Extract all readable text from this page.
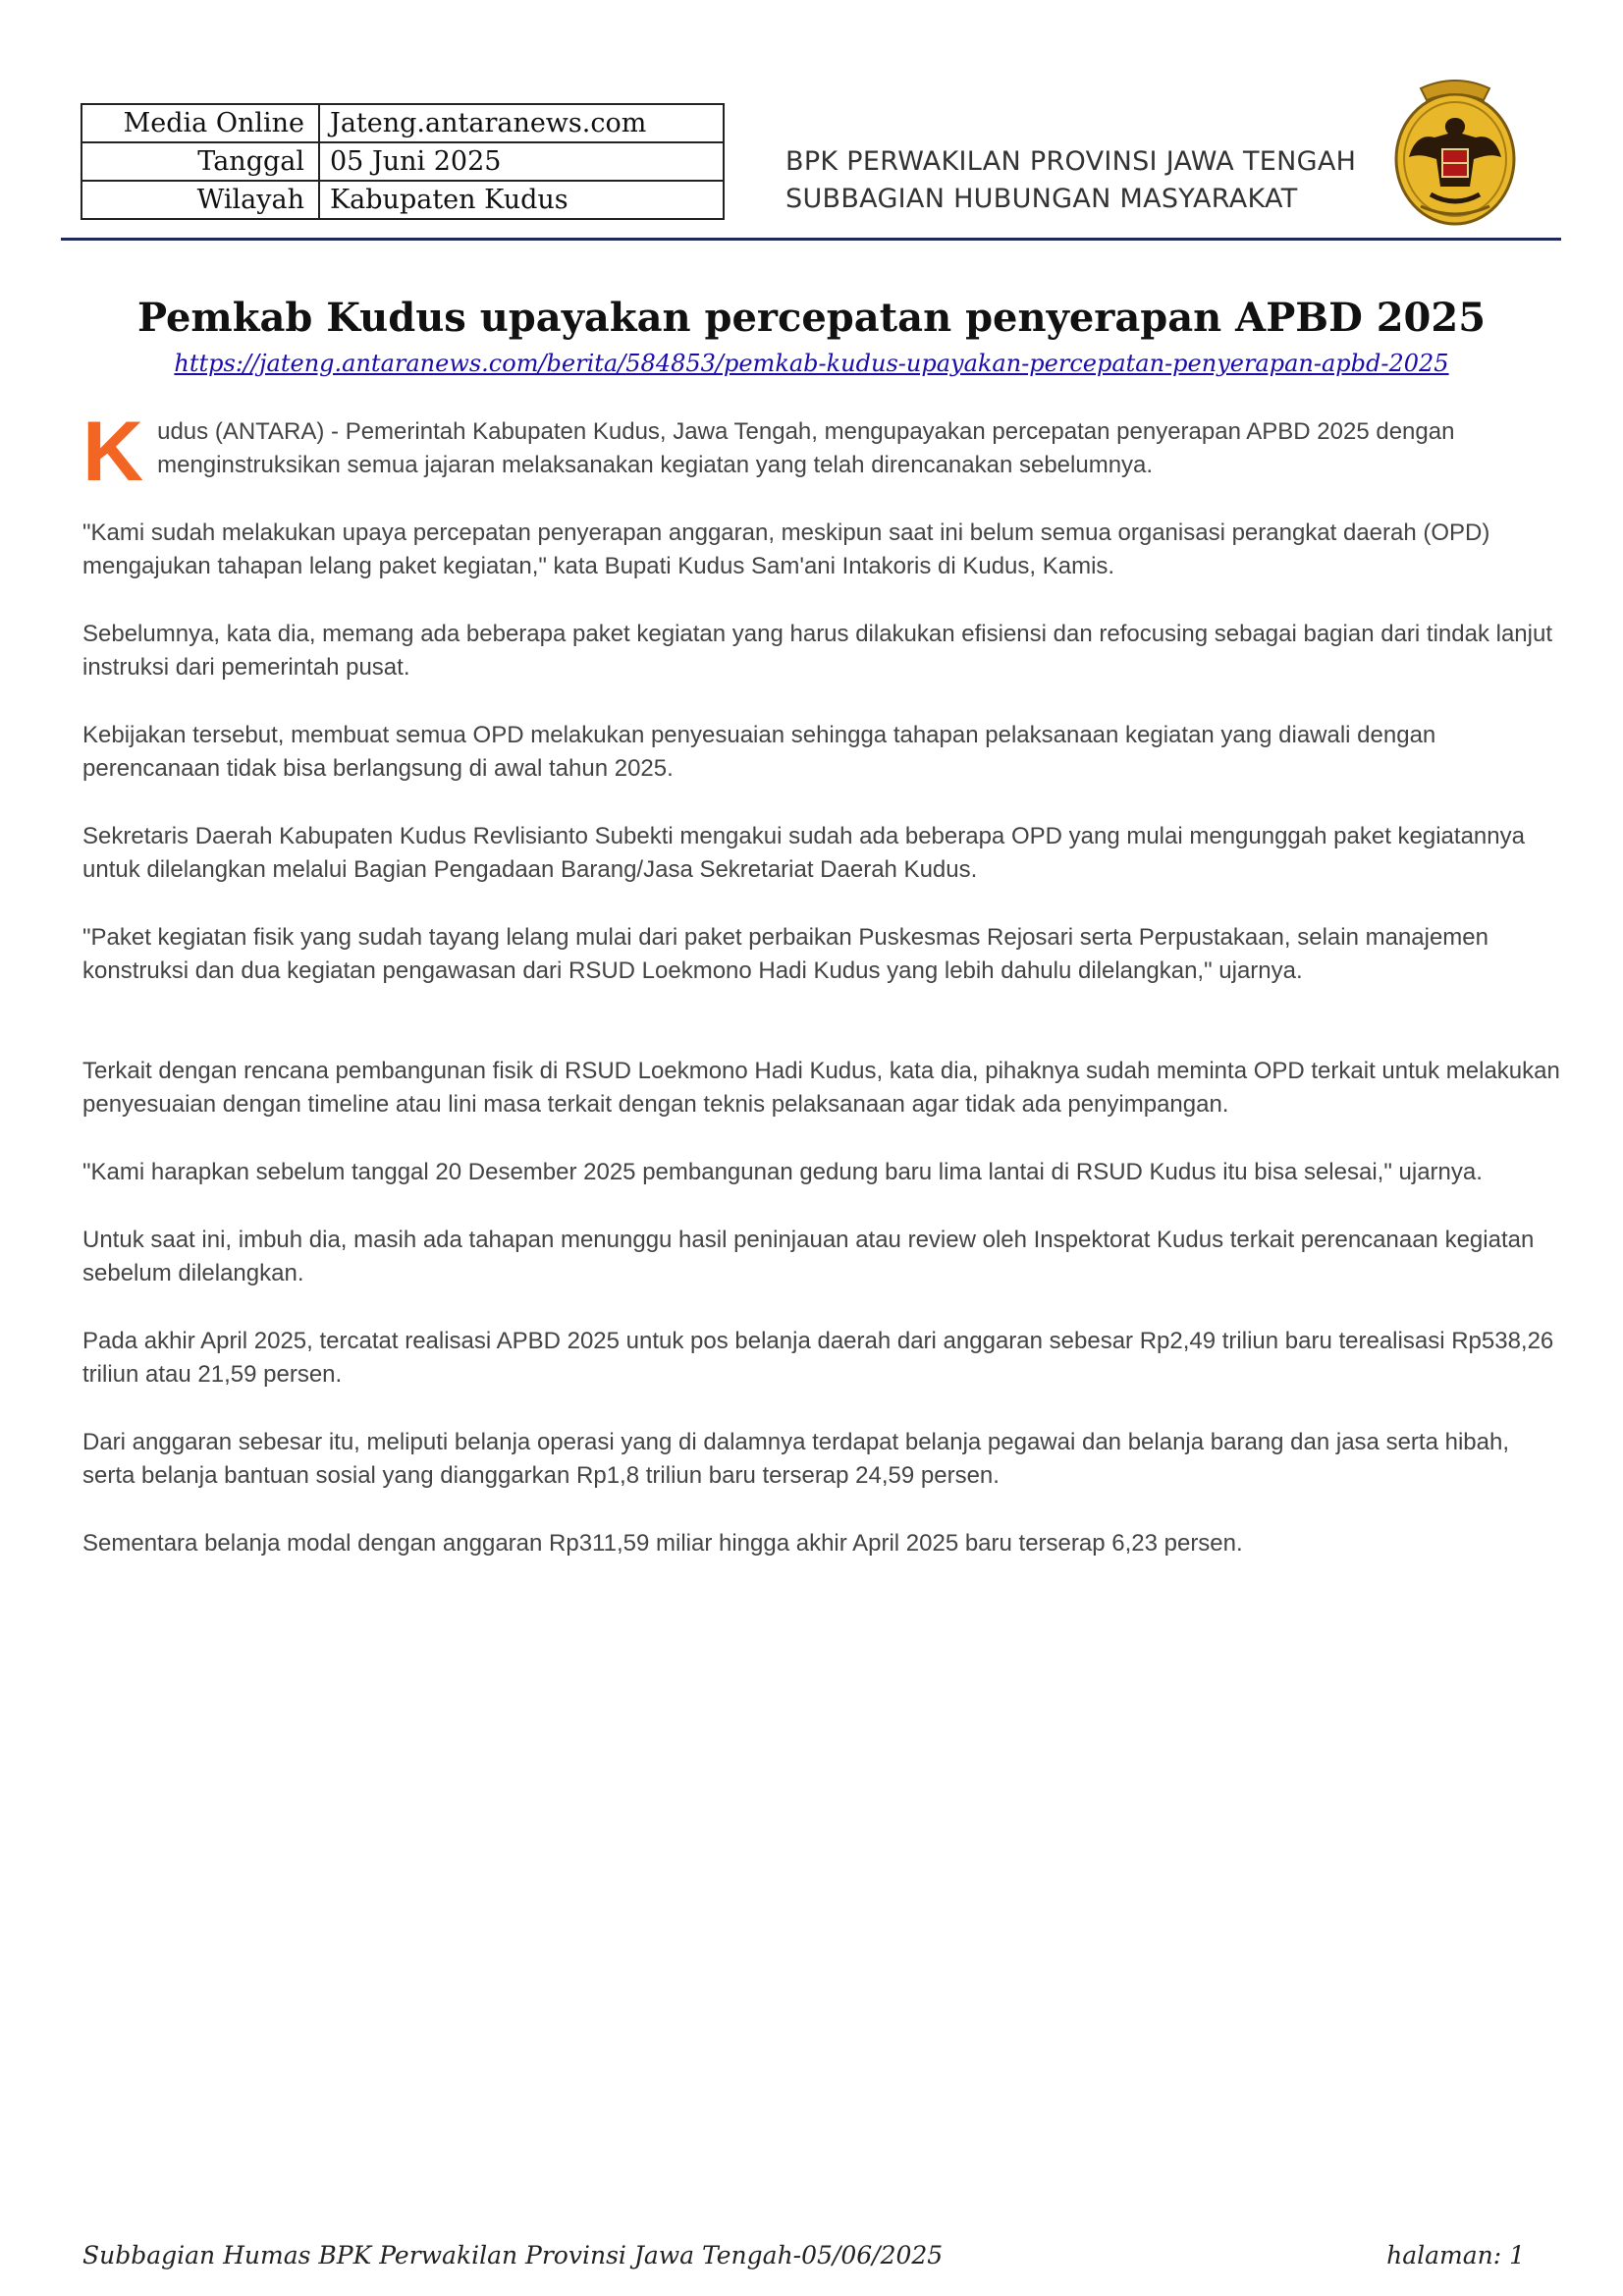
Media Online	Jateng.antaranews.com
Tanggal	05 Juni 2025
Wilayah	Kabupaten Kudus
BPK PERWAKILAN PROVINSI JAWA TENGAH
SUBBAGIAN HUBUNGAN MASYARAKAT
Pemkab Kudus upayakan percepatan penyerapan APBD 2025
https://jateng.antaranews.com/berita/584853/pemkab-kudus-upayakan-percepatan-penyerapan-apbd-2025

K udus (ANTARA) - Pemerintah Kabupaten Kudus, Jawa Tengah, mengupayakan percepatan penyerapan APBD 2025 dengan menginstruksikan semua jajaran melaksanakan kegiatan yang telah direncanakan sebelumnya.

"Kami sudah melakukan upaya percepatan penyerapan anggaran, meskipun saat ini belum semua organisasi perangkat daerah (OPD) mengajukan tahapan lelang paket kegiatan," kata Bupati Kudus Sam'ani Intakoris di Kudus, Kamis.

Sebelumnya, kata dia, memang ada beberapa paket kegiatan yang harus dilakukan efisiensi dan refocusing sebagai bagian dari tindak lanjut instruksi dari pemerintah pusat.

Kebijakan tersebut, membuat semua OPD melakukan penyesuaian sehingga tahapan pelaksanaan kegiatan yang diawali dengan perencanaan tidak bisa berlangsung di awal tahun 2025.

Sekretaris Daerah Kabupaten Kudus Revlisianto Subekti mengakui sudah ada beberapa OPD yang mulai mengunggah paket kegiatannya untuk dilelangkan melalui Bagian Pengadaan Barang/Jasa Sekretariat Daerah Kudus.

"Paket kegiatan fisik yang sudah tayang lelang mulai dari paket perbaikan Puskesmas Rejosari serta Perpustakaan, selain manajemen konstruksi dan dua kegiatan pengawasan dari RSUD Loekmono Hadi Kudus yang lebih dahulu dilelangkan," ujarnya.

Terkait dengan rencana pembangunan fisik di RSUD Loekmono Hadi Kudus, kata dia, pihaknya sudah meminta OPD terkait untuk melakukan penyesuaian dengan timeline atau lini masa terkait dengan teknis pelaksanaan agar tidak ada penyimpangan.

"Kami harapkan sebelum tanggal 20 Desember 2025 pembangunan gedung baru lima lantai di RSUD Kudus itu bisa selesai," ujarnya.

Untuk saat ini, imbuh dia, masih ada tahapan menunggu hasil peninjauan atau review oleh Inspektorat Kudus terkait perencanaan kegiatan sebelum dilelangkan.

Pada akhir April 2025, tercatat realisasi APBD 2025 untuk pos belanja daerah dari anggaran sebesar Rp2,49 triliun baru terealisasi Rp538,26 triliun atau 21,59 persen.

Dari anggaran sebesar itu, meliputi belanja operasi yang di dalamnya terdapat belanja pegawai dan belanja barang dan jasa serta hibah, serta belanja bantuan sosial yang dianggarkan Rp1,8 triliun baru terserap 24,59 persen.

Sementara belanja modal dengan anggaran Rp311,59 miliar hingga akhir April 2025 baru terserap 6,23 persen.

Subbagian Humas BPK Perwakilan Provinsi Jawa Tengah-05/06/2025	halaman: 1
